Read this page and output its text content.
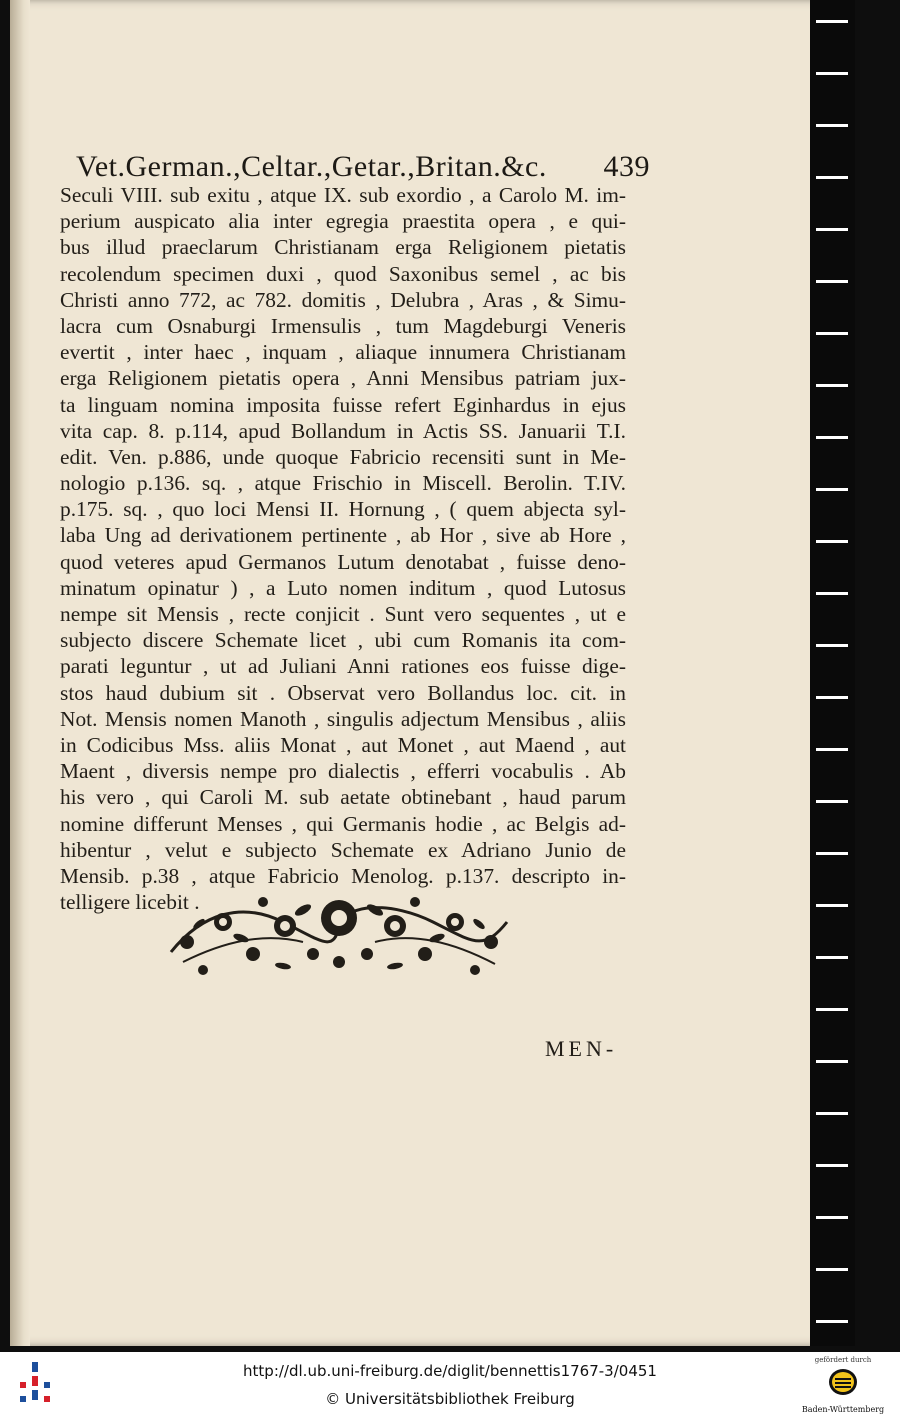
Vet.German.,Celtar.,Getar.,Britan.&c. 439
Seculi VIII. sub exitu , atque IX. sub exordio , a Carolo M. im-
perium auspicato alia inter egregia praestita opera , e qui-
bus illud praeclarum Christianam erga Religionem pietatis
recolendum specimen duxi , quod Saxonibus semel , ac bis
Christi anno 772, ac 782. domitis , Delubra , Aras , & Simu-
lacra cum Osnaburgi Irmensulis , tum Magdeburgi Veneris
evertit , inter haec , inquam , aliaque innumera Christianam
erga Religionem pietatis opera , Anni Mensibus patriam jux-
ta linguam nomina imposita fuisse refert Eginhardus in ejus
vita cap. 8. p.114, apud Bollandum in Actis SS. Januarii T.I.
edit. Ven. p.886, unde quoque Fabricio recensiti sunt in Me-
nologio p.136. sq. , atque Frischio in Miscell. Berolin. T.IV.
p.175. sq. , quo loci Mensi II. Hornung , ( quem abjecta syl-
laba Ung ad derivationem pertinente , ab Hor , sive ab Hore ,
quod veteres apud Germanos Lutum denotabat , fuisse deno-
minatum opinatur ) , a Luto nomen inditum , quod Lutosus
nempe sit Mensis , recte conjicit . Sunt vero sequentes , ut e
subjecto discere Schemate licet , ubi cum Romanis ita com-
parati leguntur , ut ad Juliani Anni rationes eos fuisse dige-
stos haud dubium sit . Observat vero Bollandus loc. cit. in
Not. Mensis nomen Manoth , singulis adjectum Mensibus , aliis
in Codicibus Mss. aliis Monat , aut Monet , aut Maend , aut
Maent , diversis nempe pro dialectis , efferri vocabulis . Ab
his vero , qui Caroli M. sub aetate obtinebant , haud parum
nomine differunt Menses , qui Germanis hodie , ac Belgis ad-
hibentur , velut e subjecto Schemate ex Adriano Junio de
Mensib. p.38 , atque Fabricio Menolog. p.137. descripto in-
telligere licebit .
MEN-
http://dl.ub.uni-freiburg.de/diglit/bennettis1767-3/0451
© Universitätsbibliothek Freiburg
gefördert durch
Baden-Württemberg
